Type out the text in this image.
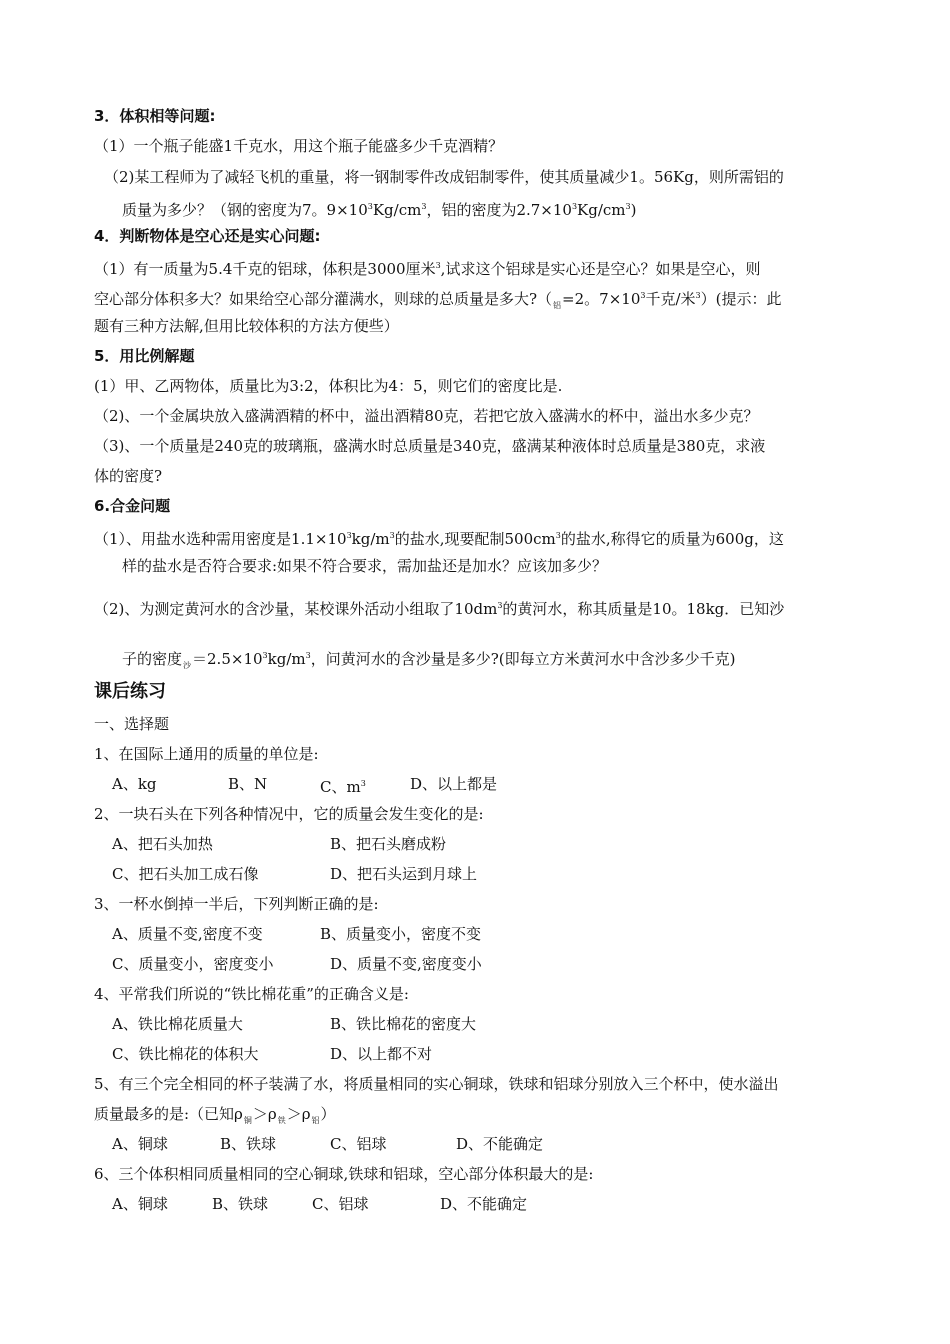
3．体积相等问题:
（1）一个瓶子能盛1千克水，用这个瓶子能盛多少千克酒精？
（2)某工程师为了减轻飞机的重量，将一钢制零件改成铝制零件，使其质量减少1。56Kg，则所需铝的
质量为多少？（钢的密度为7。$9\times 10^3Kg/cm^3$，铝的密度为$2.7\times 10^3Kg/cm^3$)
4．判断物体是空心还是实心问题:
（1）有一质量为5.4千克的铝球，体积是3000厘米$^3$,试求这个铝球是实心还是空心？如果是空心，则
空心部分体积多大？如果给空心部分灌满水，则球的总质量是多大$?(_铝=2$。$7\times 10^3$千克/米$^3$）(提示：此
题有三种方法解,但用比较体积的方法方便些）
5．用比例解题
(1）甲、乙两物体，质量比为3:2，体积比为4：5，则它们的密度比是.
（2)、一个金属块放入盛满酒精的杯中，溢出酒精80克，若把它放入盛满水的杯中，溢出水多少克？
（3)、一个质量是240克的玻璃瓶，盛满水时总质量是340克，盛满某种液体时总质量是380克，求液
体的密度?
6.合金问题
（1）、用盐水选种需用密度是$1.1\times 10^3kg/m^3$的盐水,现要配制$500cm^3$的盐水,称得它的质量为600g，这
样的盐水是否符合要求:如果不符合要求，需加盐还是加水？应该加多少？
（2)、为测定黄河水的含沙量，某校课外活动小组取了$10dm^3$的黄河水，称其质量是10。18kg．已知沙
子的密度$_沙=2.5\times 10^3kg/m^3$，问黄河水的含沙量是多少?(即每立方米黄河水中含沙多少千克)
课后练习
一、选择题
1、在国际上通用的质量的单位是:
A、kg	B、N	C、$m^3$	D、以上都是
2、一块石头在下列各种情况中，它的质量会发生变化的是:
A、把石头加热	B、把石头磨成粉
C、把石头加工成石像	D、把石头运到月球上
3、一杯水倒掉一半后，下列判断正确的是:
A、质量不变,密度不变	B、质量变小，密度不变
C、质量变小，密度变小	D、质量不变,密度变小
4、平常我们所说的“铁比棉花重”的正确含义是:
A、铁比棉花质量大	B、铁比棉花的密度大
C、铁比棉花的体积大	D、以上都不对
5、有三个完全相同的杯子装满了水，将质量相同的实心铜球，铁球和铝球分别放入三个杯中，使水溢出
质量最多的是:（已知$\rho_铜>\rho_铁>\rho_铝$）
A、铜球	B、铁球	C、铝球	D、不能确定
6、三个体积相同质量相同的空心铜球,铁球和铝球，空心部分体积最大的是:
A、铜球	B、铁球	C、铝球	D、不能确定
